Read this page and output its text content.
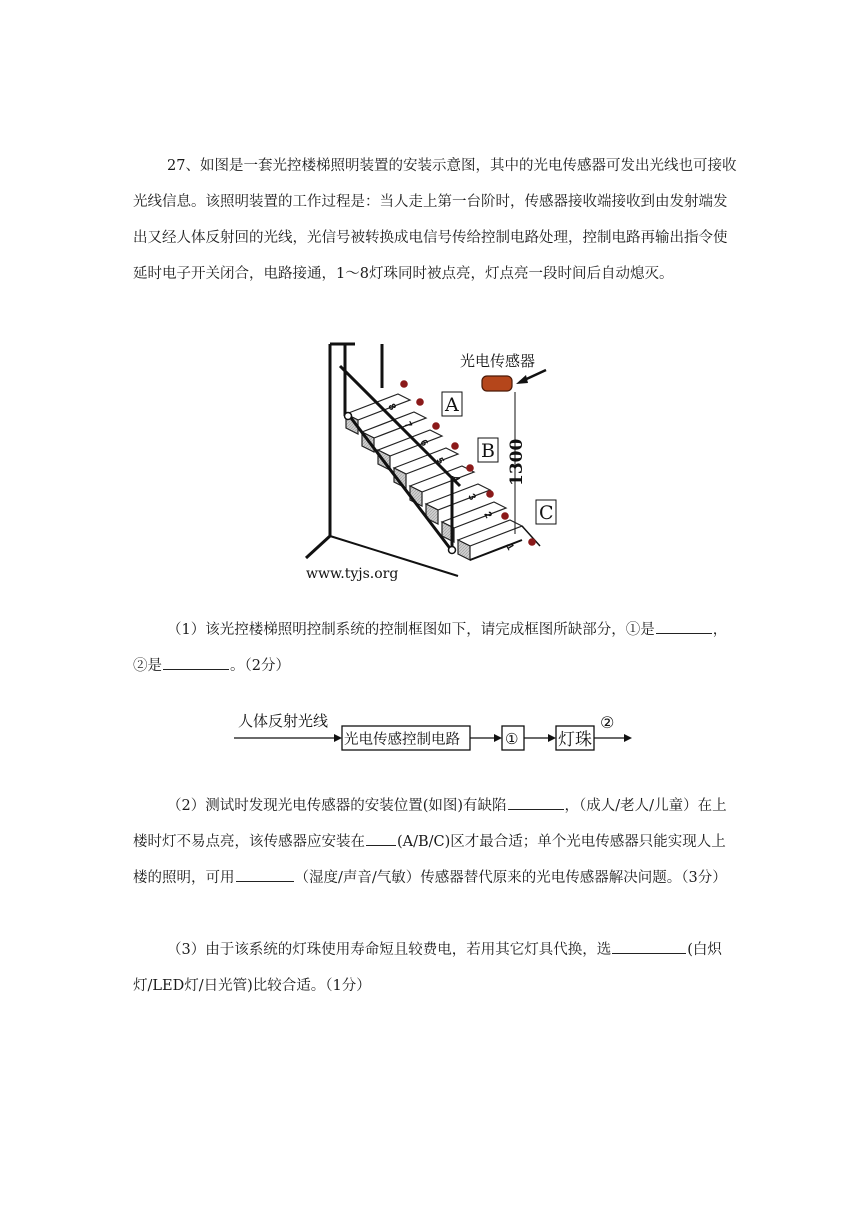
27、如图是一套光控楼梯照明装置的安装示意图，其中的光电传感器可发出光线也可接收光线信息。该照明装置的工作过程是：当人走上第一台阶时，传感器接收端接收到由发射端发出又经人体反射回的光线，光信号被转换成电信号传给控制电路处理，控制电路再输出指令使延时电子开关闭合，电路接通，1～8灯珠同时被点亮，灯点亮一段时间后自动熄灭。

8
7
6
5
4
3
2
1
光电传感器
1300
A
B
C
www.tyjs.org

（1）该光控楼梯照明控制系统的控制框图如下，请完成框图所缺部分，①是	，②是	。（2分）

人体反射光线
光电传感控制电路	① 灯珠
②

（2）测试时发现光电传感器的安装位置(如图)有缺陷	，（成人/老人/儿童）在上楼时灯不易点亮，该传感器应安装在 (A/B/C)区才最合适；单个光电传感器只能实现人上楼的照明，可用	（湿度/声音/气敏）传感器替代原来的光电传感器解决问题。（3分）

（3）由于该系统的灯珠使用寿命短且较费电，若用其它灯具代换，选	(白炽灯/LED灯/日光管)比较合适。（1分）
